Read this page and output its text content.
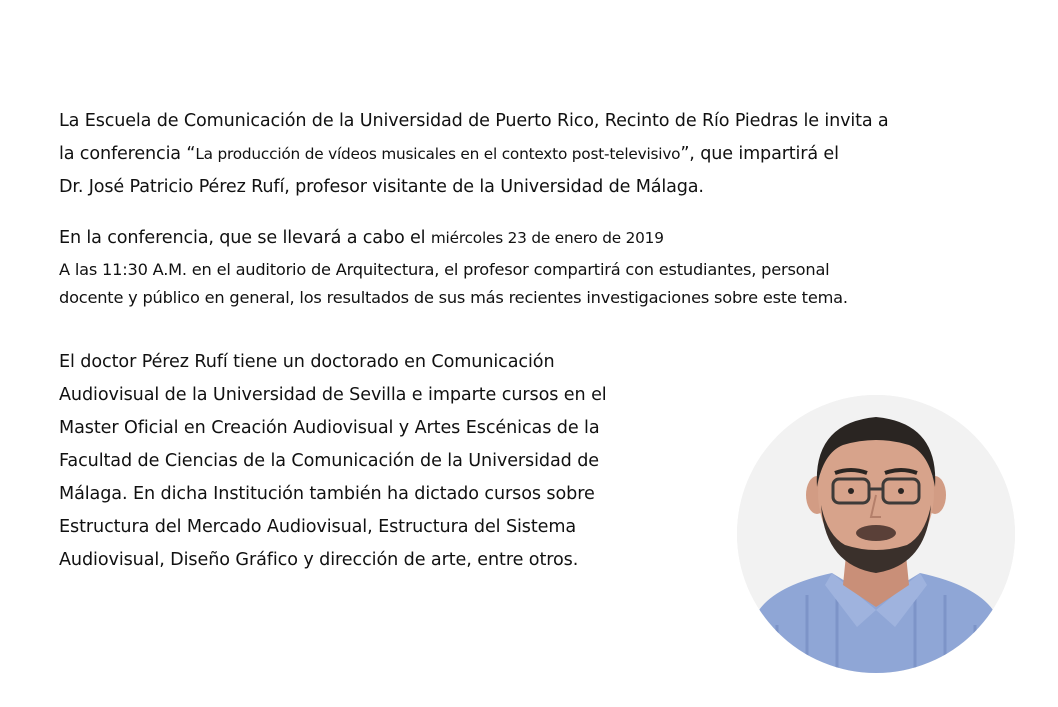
La Escuela de Comunicación de la Universidad de Puerto Rico, Recinto de Río Piedras le invita a

la conferencia “La producción de vídeos musicales en el contexto post-televisivo”, que impartirá el

Dr. José Patricio Pérez Rufí, profesor visitante de la Universidad de Málaga.

En la conferencia, que se llevará a cabo el miércoles 23 de enero de 2019

A las 11:30 A.M. en el auditorio de Arquitectura, el profesor compartirá con estudiantes, personal

docente y público en general, los resultados de sus más recientes investigaciones sobre este tema.

El doctor Pérez Rufí tiene un doctorado en Comunicación

Audiovisual de la Universidad de Sevilla e imparte cursos en el

Master Oficial en Creación Audiovisual y Artes Escénicas de la

Facultad de Ciencias de la Comunicación de la Universidad de

Málaga. En dicha Institución también ha dictado cursos sobre

Estructura del Mercado Audiovisual, Estructura del Sistema

Audiovisual, Diseño Gráfico y dirección de arte, entre otros.
